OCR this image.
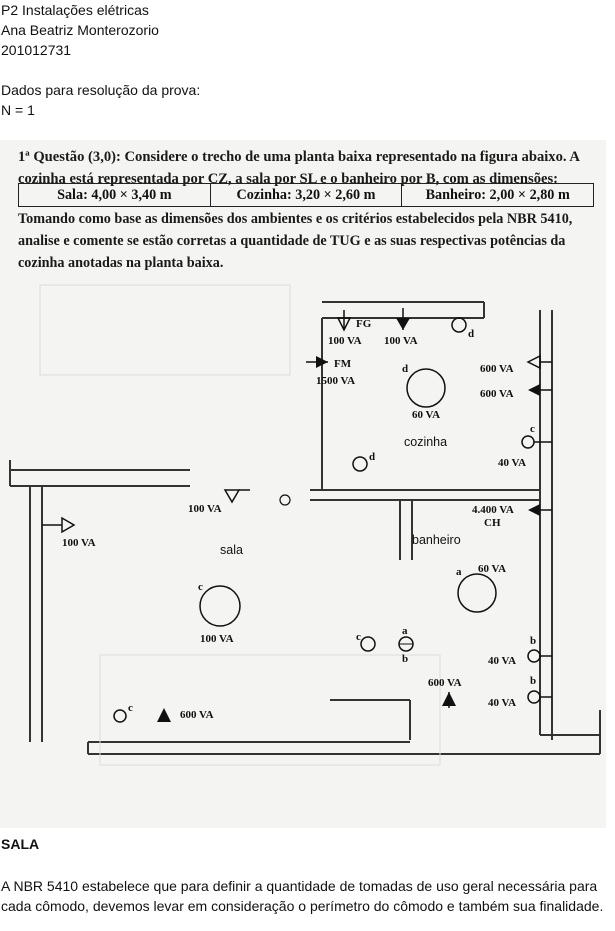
P2 Instalações elétricas
Ana Beatriz Monterozorio
201012731
Dados para resolução da prova:
N = 1
1ª Questão (3,0): Considere o trecho de uma planta baixa representado na figura abaixo. A cozinha está representada por CZ, a sala por SL e o banheiro por B, com as dimensões:
Sala: 4,00 × 3,40 m	Cozinha: 3,20 × 2,60 m	Banheiro: 2,00 × 2,80 m
Tomando como base as dimensões dos ambientes e os critérios estabelecidos pela NBR 5410, analise e comente se estão corretas a quantidade de TUG e as suas respectivas potências da cozinha anotadas na planta baixa.
FG
100 VA 100 VA
d
FM
1500 VA
d
60 VA
600 VA
600 VA
cozinha
c
40 VA
d
100 VA
100 VA	sala
4.400 VA
CH
banheiro
c
100 VA
a 60 VA
c	a
b
b
40 VA
b
40 VA
600 VA
c
600 VA
SALA
A NBR 5410 estabelece que para definir a quantidade de tomadas de uso geral necessária para cada cômodo, devemos levar em consideração o perímetro do cômodo e também sua finalidade.
